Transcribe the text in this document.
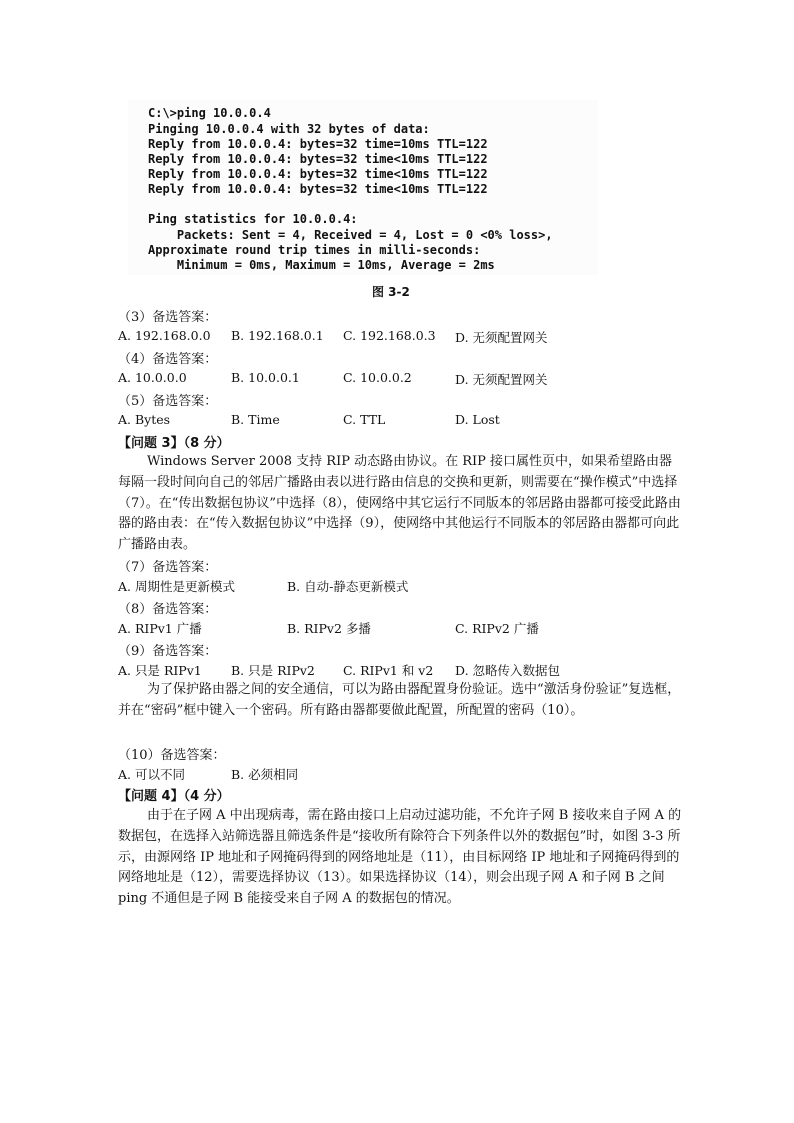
C:\>ping 10.0.0.4
Pinging 10.0.0.4 with 32 bytes of data:
Reply from 10.0.0.4: bytes=32 time=10ms TTL=122
Reply from 10.0.0.4: bytes=32 time<10ms TTL=122
Reply from 10.0.0.4: bytes=32 time<10ms TTL=122
Reply from 10.0.0.4: bytes=32 time<10ms TTL=122
Ping statistics for 10.0.0.4:
Packets: Sent = 4, Received = 4, Lost = 0 <0% loss>,
Approximate round trip times in milli-seconds:
Minimum = 0ms, Maximum = 10ms, Average = 2ms
图 3-2
（3）备选答案：
A. 192.168.0.0 B. 192.168.0.1 C. 192.168.0.3 D. 无须配置网关
（4）备选答案：
A. 10.0.0.0	B. 10.0.0.1	C. 10.0.0.2	D. 无须配置网关
（5）备选答案：
A. Bytes	B. Time	C. TTL	D. Lost
【问题 3】（8 分）
Windows Server 2008 支持 RIP 动态路由协议。在 RIP 接口属性页中，如果希望路由器每隔一段时间向自己的邻居广播路由表以进行路由信息的交换和更新，则需要在“操作模式”中选择（7）。在“传出数据包协议”中选择（8），使网络中其它运行不同版本的邻居路由器都可接受此路由器的路由表：在“传入数据包协议”中选择（9），使网络中其他运行不同版本的邻居路由器都可向此 广播路由表。
（7）备选答案：
A. 周期性是更新模式	B. 自动-静态更新模式
（8）备选答案：
A. RIPv1 广播	B. RIPv2 多播	C. RIPv2 广播
（9）备选答案：
A. 只是 RIPv1 B. 只是 RIPv2 C. RIPv1 和 v2 D. 忽略传入数据包
为了保护路由器之间的安全通信，可以为路由器配置身份验证。选中“激活身份验证”复选框，并在“密码”框中键入一个密码。所有路由器都要做此配置，所配置的密码（10）。
（10）备选答案：
A. 可以不同	B. 必须相同
【问题 4】（4 分）
由于在子网 A 中出现病毒，需在路由接口上启动过滤功能，不允许子网 B 接收来自子网 A 的数据包，在选择入站筛选器且筛选条件是“接收所有除符合下列条件以外的数据包”时，如图 3-3 所示，由源网络 IP 地址和子网掩码得到的网络地址是（11），由目标网络 IP 地址和子网掩码得到的网络地址是（12），需要选择协议（13）。如果选择协议（14），则会出现子网 A 和子网 B 之间 ping 不通但是子网 B 能接受来自子网 A 的数据包的情况。
